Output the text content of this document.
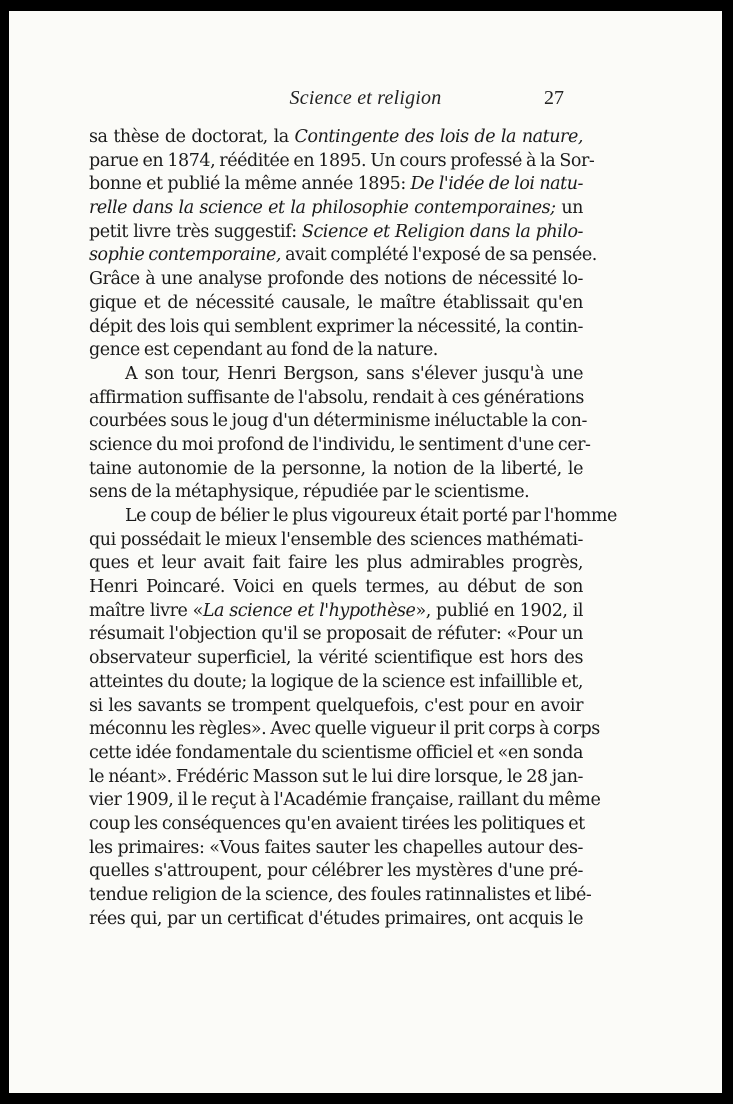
Science et religion	27
sa thèse de doctorat, la Contingente des lois de la nature,
parue en 1874, rééditée en 1895. Un cours professé à la Sor-
bonne et publié la même année 1895: De l'idée de loi natu-
relle dans la science et la philosophie contemporaines; un
petit livre très suggestif: Science et Religion dans la philo-
sophie contemporaine, avait complété l'exposé de sa pensée.
Grâce à une analyse profonde des notions de nécessité lo-
gique et de nécessité causale, le maître établissait qu'en
dépit des lois qui semblent exprimer la nécessité, la contin-
gence est cependant au fond de la nature.
A son tour, Henri Bergson, sans s'élever jusqu'à une
affirmation suffisante de l'absolu, rendait à ces générations
courbées sous le joug d'un déterminisme inéluctable la con-
science du moi profond de l'individu, le sentiment d'une cer-
taine autonomie de la personne, la notion de la liberté, le
sens de la métaphysique, répudiée par le scientisme.
Le coup de bélier le plus vigoureux était porté par l'homme
qui possédait le mieux l'ensemble des sciences mathémati-
ques et leur avait fait faire les plus admirables progrès,
Henri Poincaré. Voici en quels termes, au début de son
maître livre «La science et l'hypothèse», publié en 1902, il
résumait l'objection qu'il se proposait de réfuter: «Pour un
observateur superficiel, la vérité scientifique est hors des
atteintes du doute; la logique de la science est infaillible et,
si les savants se trompent quelquefois, c'est pour en avoir
méconnu les règles». Avec quelle vigueur il prit corps à corps
cette idée fondamentale du scientisme officiel et «en sonda
le néant». Frédéric Masson sut le lui dire lorsque, le 28 jan-
vier 1909, il le reçut à l'Académie française, raillant du même
coup les conséquences qu'en avaient tirées les politiques et
les primaires: «Vous faites sauter les chapelles autour des-
quelles s'attroupent, pour célébrer les mystères d'une pré-
tendue religion de la science, des foules ratinnalistes et libé-
rées qui, par un certificat d'études primaires, ont acquis le
